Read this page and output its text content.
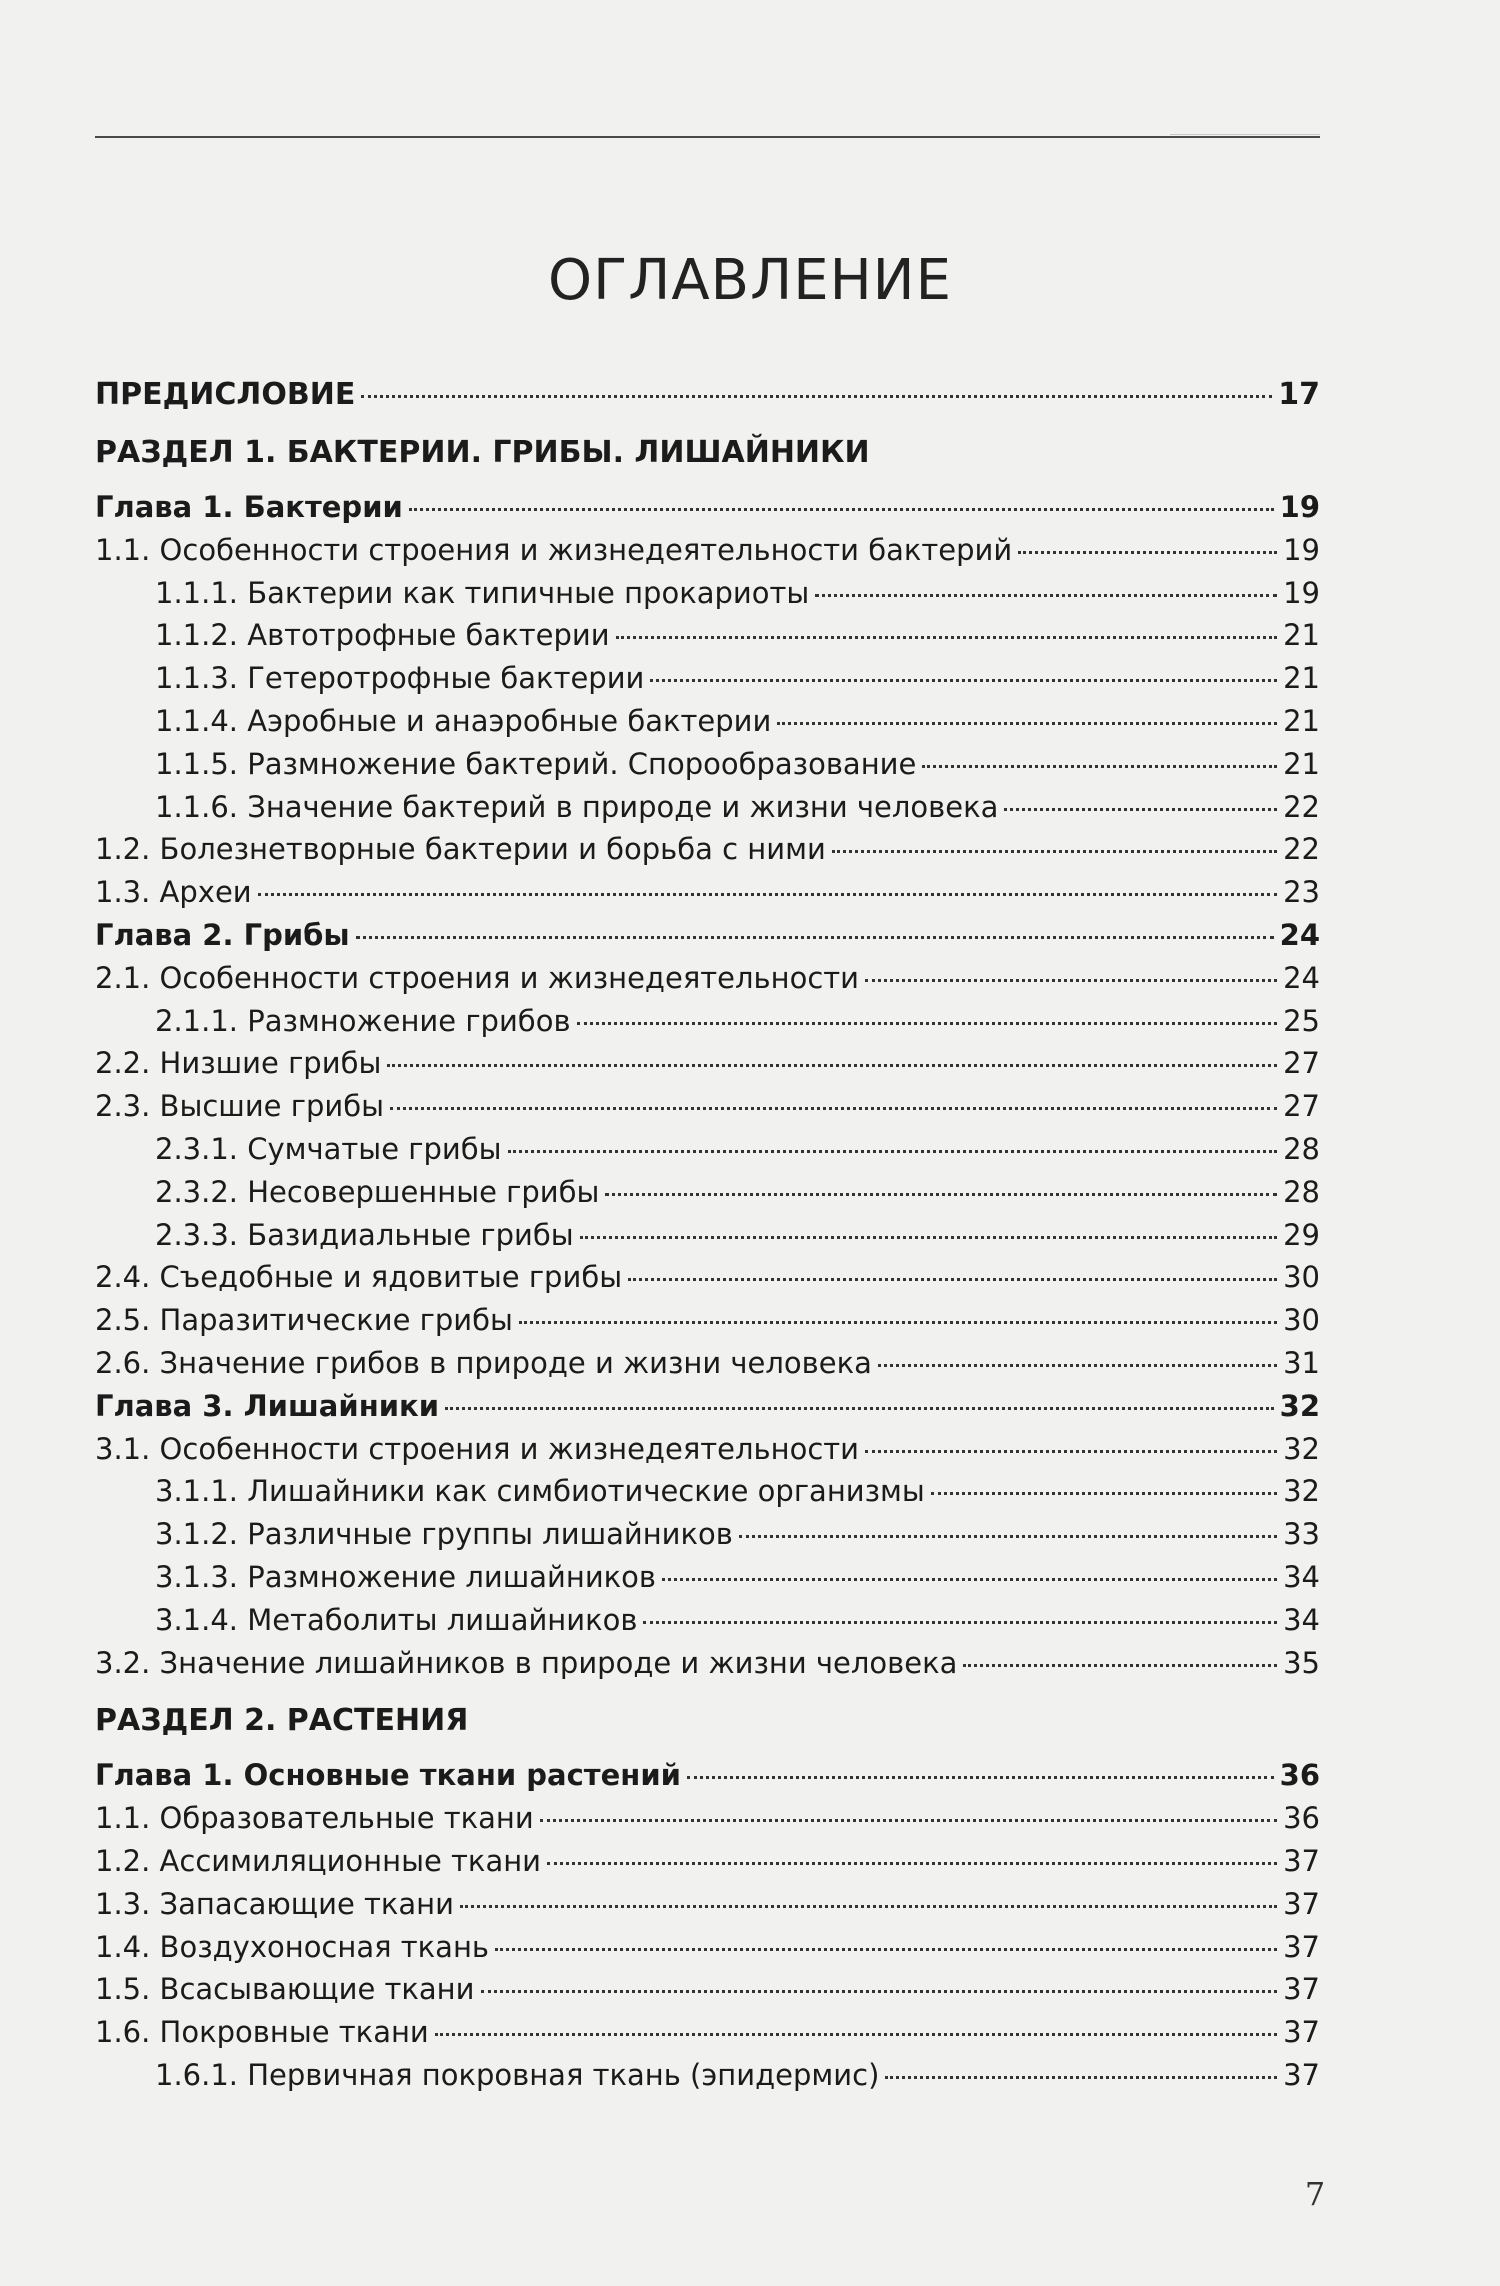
ОГЛАВЛЕНИЕ
ПРЕДИСЛОВИЕ	17
РАЗДЕЛ 1. БАКТЕРИИ. ГРИБЫ. ЛИШАЙНИКИ
Глава 1. Бактерии	19
1.1. Особенности строения и жизнедеятельности бактерий	19
1.1.1. Бактерии как типичные прокариоты	19
1.1.2. Автотрофные бактерии	21
1.1.3. Гетеротрофные бактерии	21
1.1.4. Аэробные и анаэробные бактерии	21
1.1.5. Размножение бактерий. Спорообразование	21
1.1.6. Значение бактерий в природе и жизни человека	22
1.2. Болезнетворные бактерии и борьба с ними	22
1.3. Археи	23
Глава 2. Грибы	24
2.1. Особенности строения и жизнедеятельности	24
2.1.1. Размножение грибов	25
2.2. Низшие грибы	27
2.3. Высшие грибы	27
2.3.1. Сумчатые грибы	28
2.3.2. Несовершенные грибы	28
2.3.3. Базидиальные грибы	29
2.4. Съедобные и ядовитые грибы	30
2.5. Паразитические грибы	30
2.6. Значение грибов в природе и жизни человека	31
Глава 3. Лишайники	32
3.1. Особенности строения и жизнедеятельности	32
3.1.1. Лишайники как симбиотические организмы	32
3.1.2. Различные группы лишайников	33
3.1.3. Размножение лишайников	34
3.1.4. Метаболиты лишайников	34
3.2. Значение лишайников в природе и жизни человека	35
РАЗДЕЛ 2. РАСТЕНИЯ
Глава 1. Основные ткани растений	36
1.1. Образовательные ткани	36
1.2. Ассимиляционные ткани	37
1.3. Запасающие ткани	37
1.4. Воздухоносная ткань	37
1.5. Всасывающие ткани	37
1.6. Покровные ткани	37
1.6.1. Первичная покровная ткань (эпидермис)	37
7
